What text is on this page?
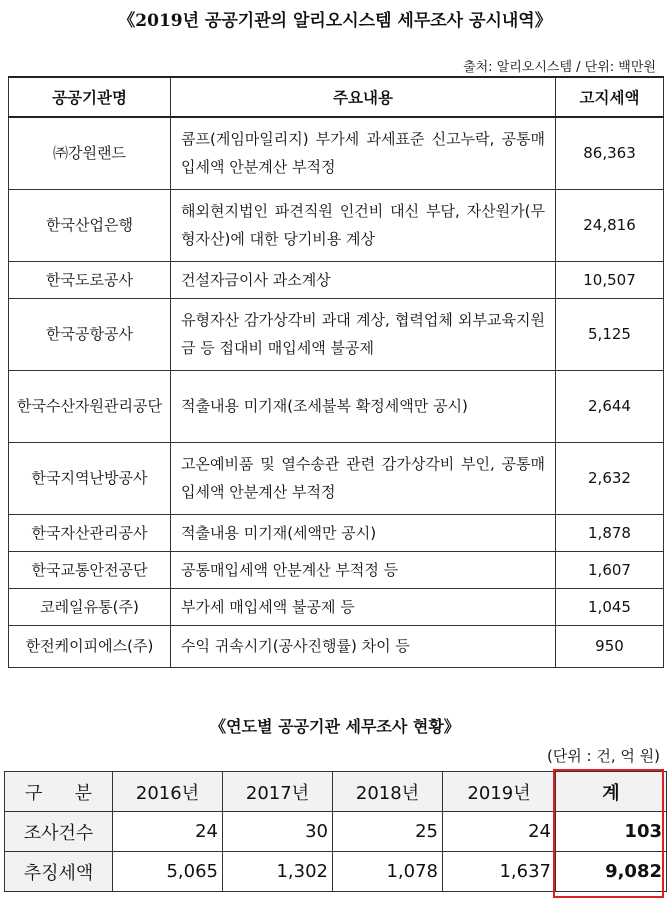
《2019년 공공기관의 알리오시스템 세무조사 공시내역》
출처: 알리오시스템 / 단위: 백만원
공공기관명	주요내용	고지세액
㈜강원랜드	콤프(게임마일리지) 부가세 과세표준 신고누락, 공통매입세액 안분계산 부적정	86,363
한국산업은행	해외현지법인 파견직원 인건비 대신 부담, 자산원가(무형자산)에 대한 당기비용 계상	24,816
한국도로공사	건설자금이사 과소계상	10,507
한국공항공사	유형자산 감가상각비 과대 계상, 협력업체 외부교육지원금 등 접대비 매입세액 불공제	5,125
한국수산자원관리공단	적출내용 미기재(조세불복 확정세액만 공시)	2,644
한국지역난방공사	고온예비품 및 열수송관 관련 감가상각비 부인, 공통매입세액 안분계산 부적정	2,632
한국자산관리공사	적출내용 미기재(세액만 공시)	1,878
한국교통안전공단	공통매입세액 안분계산 부적정 등	1,607
코레일유통(주)	부가세 매입세액 불공제 등	1,045
한전케이피에스(주)	수익 귀속시기(공사진행률) 차이 등	950
《연도별 공공기관 세무조사 현황》
(단위 : 건, 억 원)
구 분	2016년	2017년	2018년	2019년	계
조사건수	24	30	25	24	103
추징세액	5,065	1,302	1,078	1,637	9,082
